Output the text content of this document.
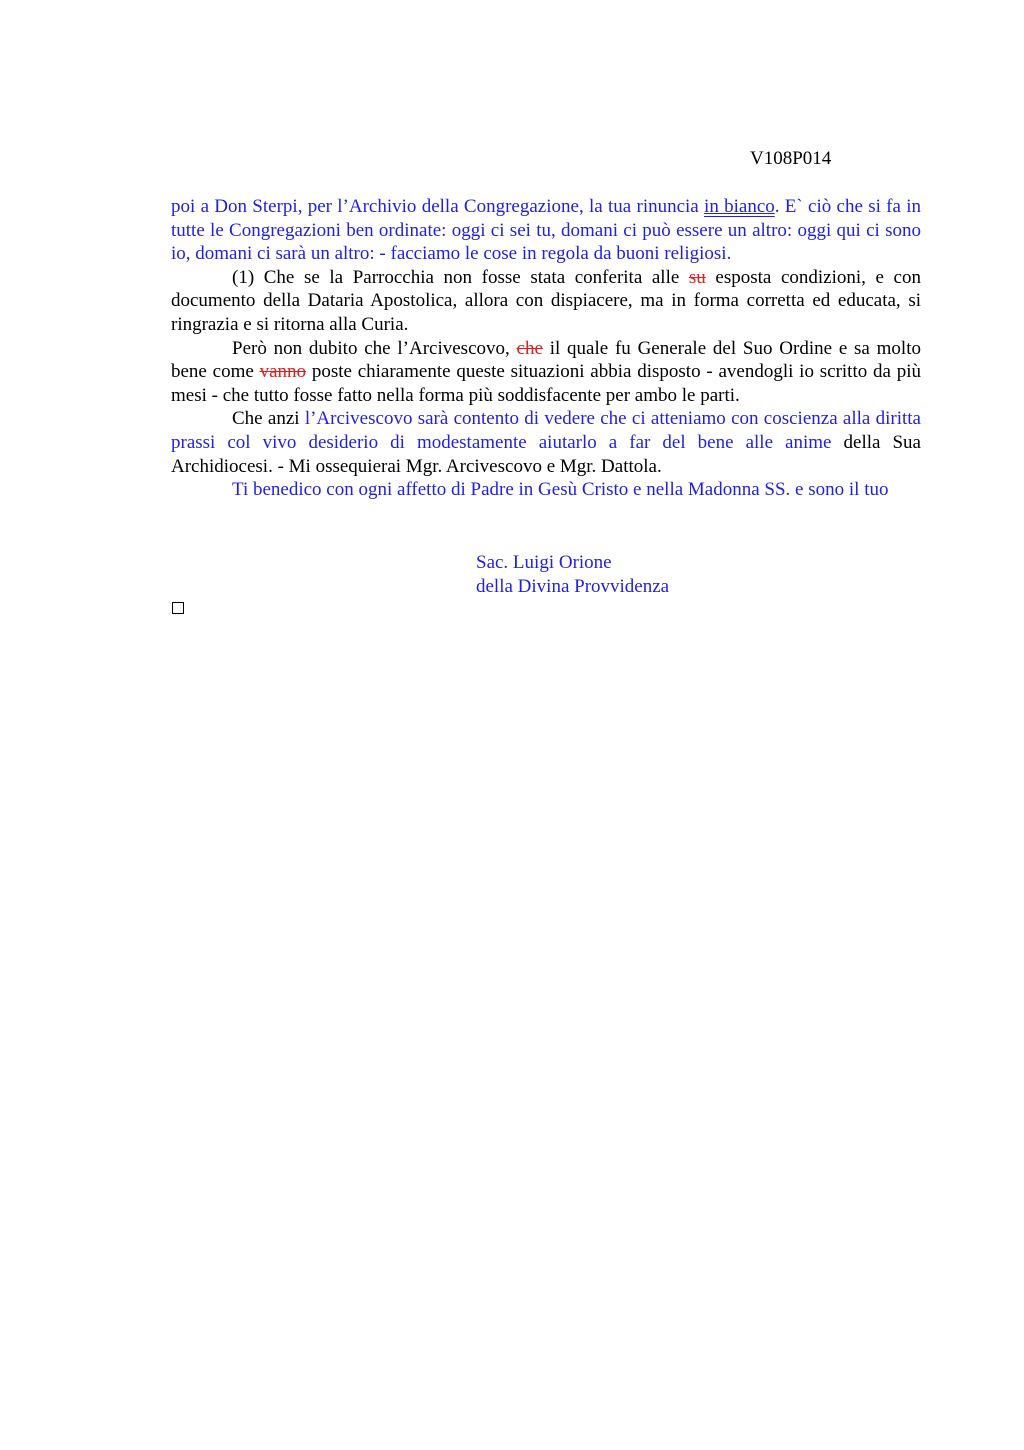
V108P014

poi a Don Sterpi, per l’Archivio della Congregazione, la tua rinuncia in bianco. E` ciò che si fa in tutte le Congregazioni ben ordinate: oggi ci sei tu, domani ci può essere un altro: oggi qui ci sono io, domani ci sarà un altro: - facciamo le cose in regola da buoni religiosi.

(1) Che se la Parrocchia non fosse stata conferita alle su esposta condizioni, e con documento della Dataria Apostolica, allora con dispiacere, ma in forma corretta ed educata, si ringrazia e si ritorna alla Curia.

Però non dubito che l’Arcivescovo, che il quale fu Generale del Suo Ordine e sa molto bene come vanno poste chiaramente queste situazioni abbia disposto - avendogli io scritto da più mesi - che tutto fosse fatto nella forma più soddisfacente per ambo le parti.

Che anzi l’Arcivescovo sarà contento di vedere che ci atteniamo con coscienza alla diritta prassi col vivo desiderio di modestamente aiutarlo a far del bene alle anime della Sua Archidiocesi. - Mi ossequierai Mgr. Arcivescovo e Mgr. Dattola.

Ti benedico con ogni affetto di Padre in Gesù Cristo e nella Madonna SS. e sono il tuo

Sac. Luigi Orione
della Divina Provvidenza
